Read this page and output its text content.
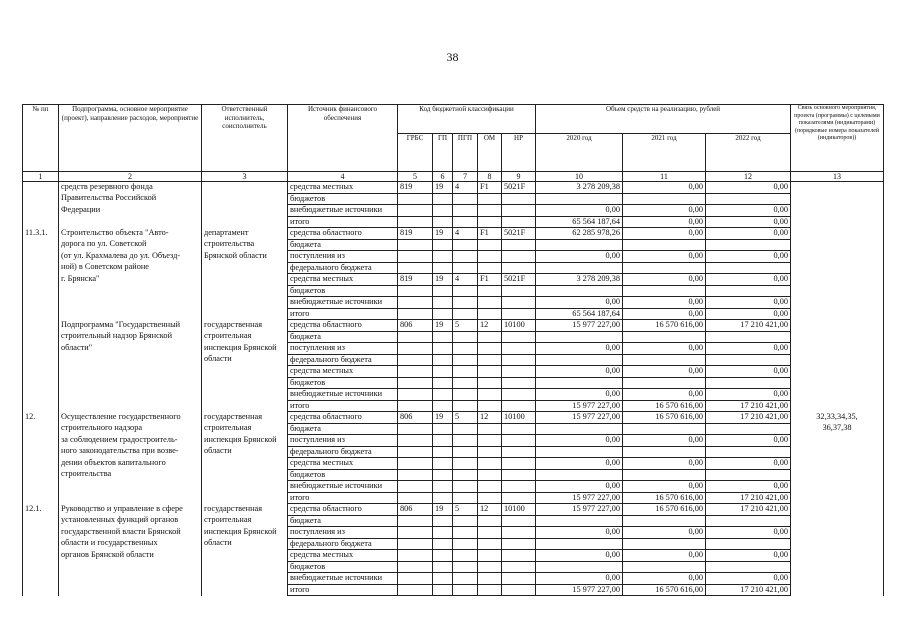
38
№ пп	Подпрограмма, основное мероприятие (проект), направление расходов, мероприятие	Ответственный исполнитель, соисполнитель	Источник финансового обеспечения	Код бюджетной классификации					Объем средств на реализацию, рублей			Связь основного мероприятия, проекта (программы) с целевыми показателями (индикаторами) (порядковые номера показателей (индикаторов))
				ГРБС	ГП	ПГП	ОМ	НР	2020 год	2021 год	2022 год	
1	2	3	4	5	6	7	8	9	10	11	12	13
	средств резервного фонда		средства местных	819	19	4	F1	5021F	3 278 209,38	0,00	0,00	
	Правительства Российской		бюджетов									
	Федерации		внебюджетные источники						0,00	0,00	0,00	
			итого						65 564 187,64	0,00	0,00	
11.3.1.	Строительство объекта "Авто-	департамент	средства областного	819	19	4	F1	5021F	62 285 978,26	0,00	0,00	
	дорога по ул. Советской	строительства	бюджета									
	(от ул. Крахмалева до ул. Объезд-	Брянской области	поступления из						0,00	0,00	0,00	
	ной) в Советском районе		федерального бюджета									
	г. Брянска"		средства местных	819	19	4	F1	5021F	3 278 209,38	0,00	0,00	
			бюджетов									
			внебюджетные источники						0,00	0,00	0,00	
			итого						65 564 187,64	0,00	0,00	
	Подпрограмма "Государственный	государственная	средства областного	806	19	5	12	10100	15 977 227,00	16 570 616,00	17 210 421,00	
	строительный надзор Брянской	строительная	бюджета									
	области"	инспекция Брянской	поступления из						0,00	0,00	0,00	
		области	федерального бюджета									
			средства местных						0,00	0,00	0,00	
			бюджетов									
			внебюджетные источники						0,00	0,00	0,00	
			итого						15 977 227,00	16 570 616,00	17 210 421,00	
12.	Осуществление государственного	государственная	средства областного	806	19	5	12	10100	15 977 227,00	16 570 616,00	17 210 421,00	32,33,34,35,
	строительного надзора	строительная	бюджета									36,37,38
	за соблюдением градостроитель-	инспекция Брянской	поступления из						0,00	0,00	0,00	
	ного законодательства при возве-	области	федерального бюджета									
	дении объектов капитального		средства местных						0,00	0,00	0,00	
	строительства		бюджетов									
			внебюджетные источники						0,00	0,00	0,00	
			итого						15 977 227,00	16 570 616,00	17 210 421,00	
12.1.	Руководство и управление в сфере	государственная	средства областного	806	19	5	12	10100	15 977 227,00	16 570 616,00	17 210 421,00	
	установленных функций органов	строительная	бюджета									
	государственной власти Брянской	инспекция Брянской	поступления из						0,00	0,00	0,00	
	области и государственных	области	федерального бюджета									
	органов Брянской области		средства местных						0,00	0,00	0,00	
			бюджетов									
			внебюджетные источники						0,00	0,00	0,00	
			итого						15 977 227,00	16 570 616,00	17 210 421,00	
